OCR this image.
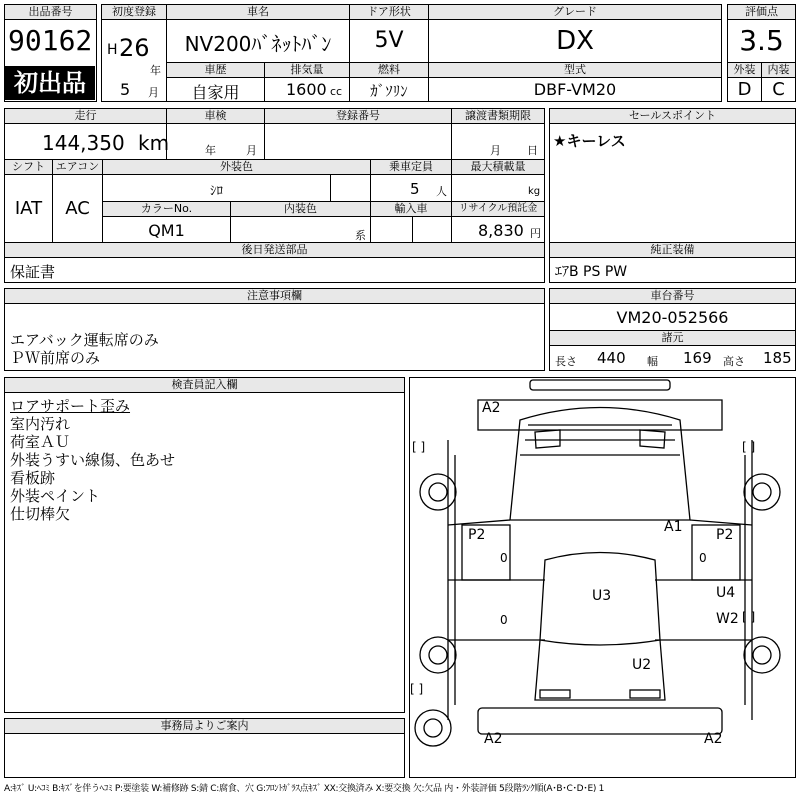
出品番号
90162
初出品
初度登録
H 26
年
5 月
車名
NV200ﾊﾞﾈｯﾄﾊﾞﾝ
ドア形状
5V
グレード
DX
車歴
自家用
排気量
1600 cc
燃料
ｶﾞｿﾘﾝ
型式
DBF-VM20
評価点
3.5
外装	内装
D	C
走行
144,350 km
車検
年	月
登録番号	譲渡書類期限
月 日
シフト
IAT
エアコン
AC
外装色
ｼﾛ
乗車定員
5 人
最大積載量
kg
カラーNo.
QM1
内装色
系
輸入車	リサイクル預託金
8,830 円
後日発送部品
保証書
セールスポイント
★キーレス
純正装備
ｴｱB PS PW
注意事項欄
エアバック運転席のみ
ＰＷ前席のみ
車台番号
VM20-052566
諸元
長さ 440 幅 169 高さ 185
検査員記入欄
ロアサポート歪み
室内汚れ
荷室ＡＵ
外装うすい線傷、色あせ
看板跡
外装ペイント
仕切棒欠
事務局よりご案内
A2
P2
0
0
A1 P2
0
U3	U4
W2
U2
A2	A2
[ ]	[ ]
[ ]
[ ]
A:ｷｽﾞ U:ﾍｺﾐ B:ｷｽﾞを伴うﾍｺﾐ P:要塗装 W:補修跡 S:錆 C:腐食、穴 G:ﾌﾛﾝﾄｶﾞﾗｽ点ｷｽﾞ XX:交換済み X:要交換 欠:欠品 内・外装評価 5段階ﾗﾝｸ順(A･B･C･D･E) 1
